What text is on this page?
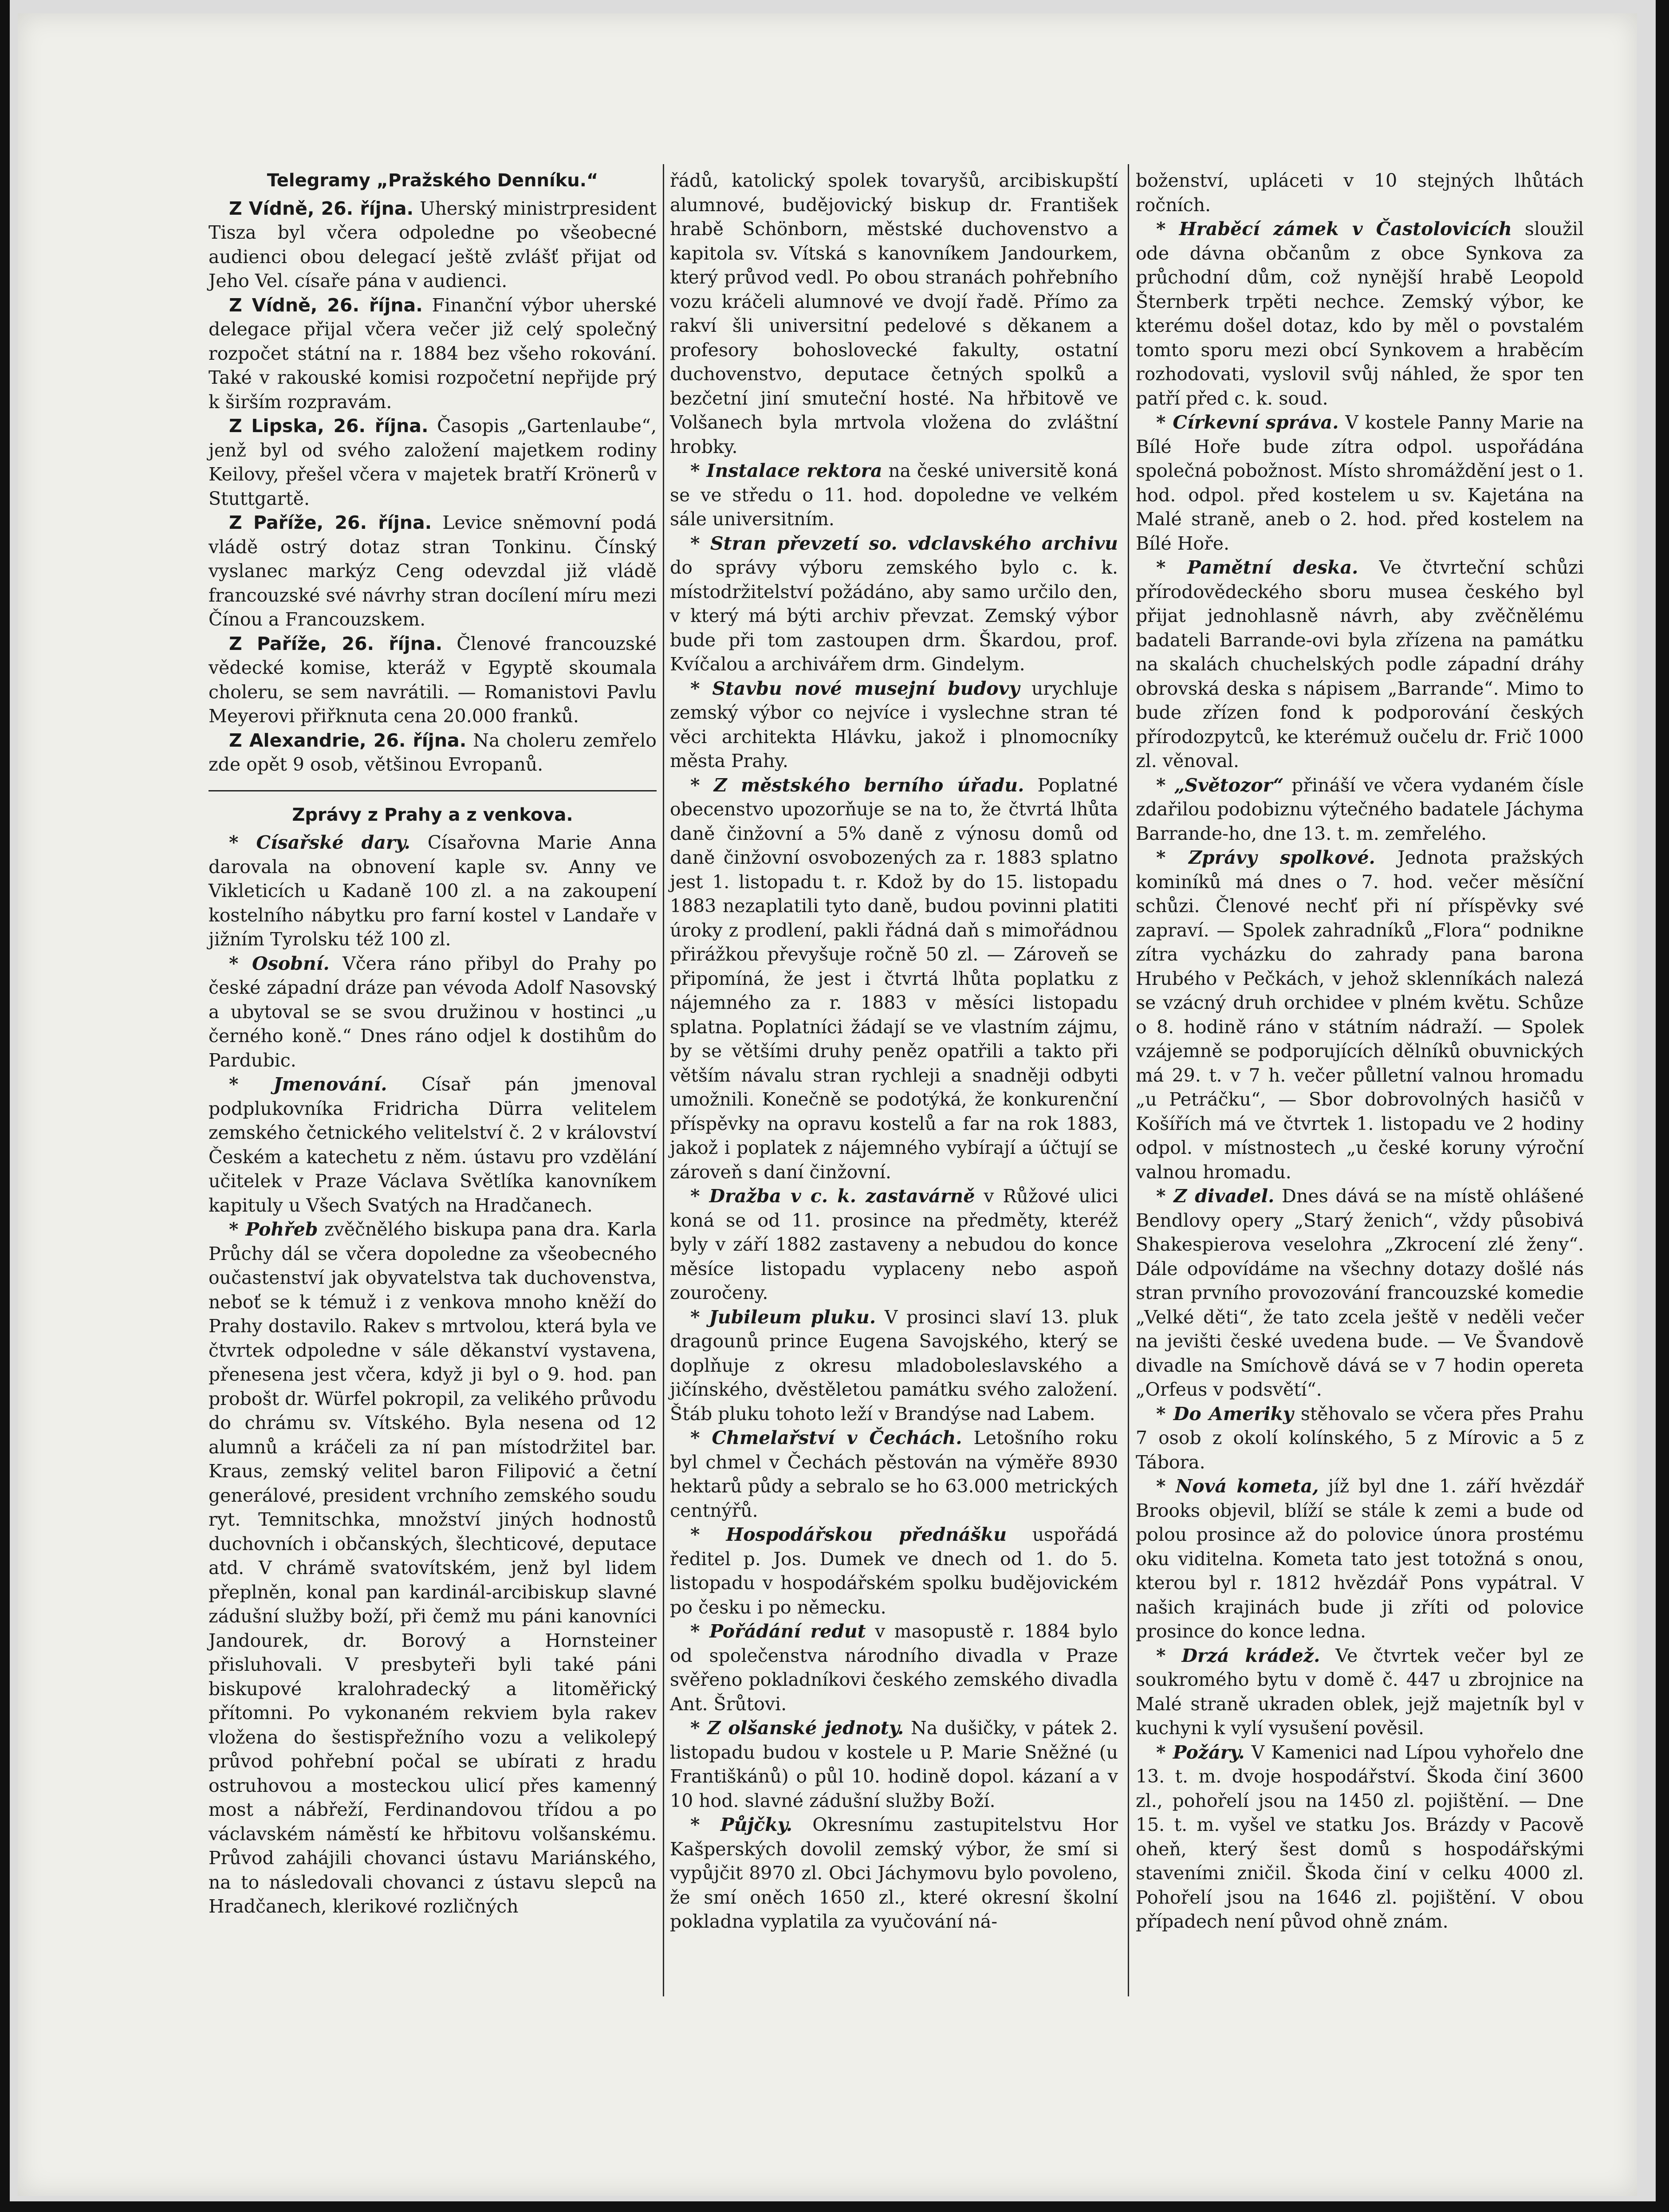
Telegramy „Pražského Denníku.“

Z Vídně, 26. října. Uherský ministrpresident Tisza byl včera odpoledne po všeobecné audienci obou delegací ještě zvlášť přijat od Jeho Vel. císaře pána v audienci.

Z Vídně, 26. října. Finanční výbor uherské delegace přijal včera večer již celý společný rozpočet státní na r. 1884 bez všeho rokování. Také v rakouské komisi rozpočetní nepřijde prý k širším rozpravám.

Z Lipska, 26. října. Časopis „Gartenlaube“, jenž byl od svého založení majetkem rodiny Keilovy, přešel včera v majetek bratří Krönerů v Stuttgartě.

Z Paříže, 26. října. Levice sněmovní podá vládě ostrý dotaz stran Tonkinu. Čínský vyslanec markýz Ceng odevzdal již vládě francouzské své návrhy stran docílení míru mezi Čínou a Francouzskem.

Z Paříže, 26. října. Členové francouzské vědecké komise, kteráž v Egyptě skoumala choleru, se sem navrátili. — Romanistovi Pavlu Meyerovi přiřknuta cena 20.000 franků.

Z Alexandrie, 26. října. Na choleru zemřelo zde opět 9 osob, většinou Evropanů.

Zprávy z Prahy a z venkova.

* Císařské dary. Císařovna Marie Anna darovala na obnovení kaple sv. Anny ve Vikleticích u Kadaně 100 zl. a na zakoupení kostelního nábytku pro farní kostel v Landaře v jižním Tyrolsku též 100 zl.

* Osobní. Včera ráno přibyl do Prahy po české západní dráze pan vévoda Adolf Nasovský a ubytoval se se svou družinou v hostinci „u černého koně.“ Dnes ráno odjel k dostihům do Pardubic.

* Jmenování. Císař pán jmenoval podplukovníka Fridricha Dürra velitelem zemského četnického velitelství č. 2 v království Českém a katechetu z něm. ústavu pro vzdělání učitelek v Praze Václava Světlíka kanovníkem kapituly u Všech Svatých na Hradčanech.

* Pohřeb zvěčnělého biskupa pana dra. Karla Průchy dál se včera dopoledne za všeobecného oučastenství jak obyvatelstva tak duchovenstva, neboť se k témuž i z venkova mnoho kněží do Prahy dostavilo. Rakev s mrtvolou, která byla ve čtvrtek odpoledne v sále děkanství vystavena, přenesena jest včera, když ji byl o 9. hod. pan probošt dr. Würfel pokropil, za velikého průvodu do chrámu sv. Vítského. Byla nesena od 12 alumnů a kráčeli za ní pan místodržitel bar. Kraus, zemský velitel baron Filipović a četní generálové, president vrchního zemského soudu ryt. Temnitschka, množství jiných hodnostů duchovních i občanských, šlechticové, deputace atd. V chrámě svatovítském, jenž byl lidem přeplněn, konal pan kardinál-arcibiskup slavné zádušní služby boží, při čemž mu páni kanovníci Jandourek, dr. Borový a Hornsteiner přisluhovali. V presbyteři byli také páni biskupové kralohradecký a litoměřický přítomni. Po vykonaném rekviem byla rakev vložena do šestispřežního vozu a velikolepý průvod pohřební počal se ubírati z hradu ostruhovou a mosteckou ulicí přes kamenný most a nábřeží, Ferdinandovou třídou a po václavském náměstí ke hřbitovu volšanskému. Průvod zahájili chovanci ústavu Mariánského, na to následovali chovanci z ústavu slepců na Hradčanech, klerikové rozličných

řádů, katolický spolek tovaryšů, arcibiskupští alumnové, budějovický biskup dr. František hrabě Schönborn, městské duchovenstvo a kapitola sv. Vítská s kanovníkem Jandourkem, který průvod vedl. Po obou stranách pohřebního vozu kráčeli alumnové ve dvojí řadě. Přímo za rakví šli universitní pedelové s děkanem a profesory bohoslovecké fakulty, ostatní duchovenstvo, deputace četných spolků a bezčetní jiní smuteční hosté. Na hřbitově ve Volšanech byla mrtvola vložena do zvláštní hrobky.

* Instalace rektora na české universitě koná se ve středu o 11. hod. dopoledne ve velkém sále universitním.

* Stran převzetí so. vdclavského archivu do správy výboru zemského bylo c. k. místodržitelství požádáno, aby samo určilo den, v který má býti archiv převzat. Zemský výbor bude při tom zastoupen drm. Škardou, prof. Kvíčalou a archivářem drm. Gindelym.

* Stavbu nové musejní budovy urychluje zemský výbor co nejvíce i vyslechne stran té věci architekta Hlávku, jakož i plnomocníky města Prahy.

* Z městského berního úřadu. Poplatné obecenstvo upozorňuje se na to, že čtvrtá lhůta daně činžovní a 5% daně z výnosu domů od daně činžovní osvobozených za r. 1883 splatno jest 1. listopadu t. r. Kdož by do 15. listopadu 1883 nezaplatili tyto daně, budou povinni platiti úroky z prodlení, pakli řádná daň s mimořádnou přirážkou převyšuje ročně 50 zl. — Zároveň se připomíná, že jest i čtvrtá lhůta poplatku z nájemného za r. 1883 v měsíci listopadu splatna. Poplatníci žádají se ve vlastním zájmu, by se většími druhy peněz opatřili a takto při větším návalu stran rychleji a snadněji odbyti umožnili. Konečně se podotýká, že konkurenční příspěvky na opravu kostelů a far na rok 1883, jakož i poplatek z nájemného vybírají a účtují se zároveň s daní činžovní.

* Dražba v c. k. zastavárně v Růžové ulici koná se od 11. prosince na předměty, kteréž byly v září 1882 zastaveny a nebudou do konce měsíce listopadu vyplaceny nebo aspoň zouročeny.

* Jubileum pluku. V prosinci slaví 13. pluk dragounů prince Eugena Savojského, který se doplňuje z okresu mladoboleslavského a jičínského, dvěstěletou památku svého založení. Štáb pluku tohoto leží v Brandýse nad Labem.

* Chmelařství v Čechách. Letošního roku byl chmel v Čechách pěstován na výměře 8930 hektarů půdy a sebralo se ho 63.000 metrických centnýřů.

* Hospodářskou přednášku uspořádá ředitel p. Jos. Dumek ve dnech od 1. do 5. listopadu v hospodářském spolku budějovickém po česku i po německu.

* Pořádání redut v masopustě r. 1884 bylo od společenstva národního divadla v Praze svěřeno pokladníkovi českého zemského divadla Ant. Šrůtovi.

* Z olšanské jednoty. Na dušičky, v pátek 2. listopadu budou v kostele u P. Marie Sněžné (u Františkánů) o půl 10. hodině dopol. kázaní a v 10 hod. slavné zádušní služby Boží.

* Půjčky. Okresnímu zastupitelstvu Hor Kašperských dovolil zemský výbor, že smí si vypůjčit 8970 zl. Obci Jáchymovu bylo povoleno, že smí oněch 1650 zl., které okresní školní pokladna vyplatila za vyučování ná-

boženství, upláceti v 10 stejných lhůtách ročních.

* Hraběcí zámek v Častolovicích sloužil ode dávna občanům z obce Synkova za průchodní dům, což nynější hrabě Leopold Šternberk trpěti nechce. Zemský výbor, ke kterému došel dotaz, kdo by měl o povstalém tomto sporu mezi obcí Synkovem a hraběcím rozhodovati, vyslovil svůj náhled, že spor ten patří před c. k. soud.

* Církevní správa. V kostele Panny Marie na Bílé Hoře bude zítra odpol. uspořádána společná pobožnost. Místo shromáždění jest o 1. hod. odpol. před kostelem u sv. Kajetána na Malé straně, aneb o 2. hod. před kostelem na Bílé Hoře.

* Pamětní deska. Ve čtvrteční schůzi přírodovědeckého sboru musea českého byl přijat jednohlasně návrh, aby zvěčnělému badateli Barrande-ovi byla zřízena na památku na skalách chuchelských podle západní dráhy obrovská deska s nápisem „Barrande“. Mimo to bude zřízen fond k podporování českých přírodozpytců, ke kterémuž oučelu dr. Frič 1000 zl. věnoval.

* „Světozor“ přináší ve včera vydaném čísle zdařilou podobiznu výtečného badatele Jáchyma Barrande-ho, dne 13. t. m. zemřelého.

* Zprávy spolkové. Jednota pražských kominíků má dnes o 7. hod. večer měsíční schůzi. Členové nechť při ní příspěvky své zapraví. — Spolek zahradníků „Flora“ podnikne zítra vycházku do zahrady pana barona Hrubého v Pečkách, v jehož sklenníkách nalezá se vzácný druh orchidee v plném květu. Schůze o 8. hodině ráno v státním nádraží. — Spolek vzájemně se podporujících dělníků obuvnických má 29. t. v 7 h. večer půlletní valnou hromadu „u Petráčku“, — Sbor dobrovolných hasičů v Košířích má ve čtvrtek 1. listopadu ve 2 hodiny odpol. v místnostech „u české koruny výroční valnou hromadu.

* Z divadel. Dnes dává se na místě ohlášené Bendlovy opery „Starý ženich“, vždy působivá Shakespierova veselohra „Zkrocení zlé ženy“. Dále odpovídáme na všechny dotazy došlé nás stran prvního provozování francouzské komedie „Velké děti“, že tato zcela ještě v neděli večer na jevišti české uvedena bude. — Ve Švandově divadle na Smíchově dává se v 7 hodin opereta „Orfeus v podsvětí“.

* Do Ameriky stěhovalo se včera přes Prahu 7 osob z okolí kolínského, 5 z Mírovic a 5 z Tábora.

* Nová kometa, jíž byl dne 1. září hvězdář Brooks objevil, blíží se stále k zemi a bude od polou prosince až do polovice února prostému oku viditelna. Kometa tato jest totožná s onou, kterou byl r. 1812 hvězdář Pons vypátral. V našich krajinách bude ji zříti od polovice prosince do konce ledna.

* Drzá krádež. Ve čtvrtek večer byl ze soukromého bytu v domě č. 447 u zbrojnice na Malé straně ukraden oblek, jejž majetník byl v kuchyni k vylí vysušení pověsil.

* Požáry. V Kamenici nad Lípou vyhořelo dne 13. t. m. dvoje hospodářství. Škoda činí 3600 zl., pohořelí jsou na 1450 zl. pojištění. — Dne 15. t. m. vyšel ve statku Jos. Brázdy v Pacově oheň, který šest domů s hospodářskými staveními zničil. Škoda činí v celku 4000 zl. Pohořelí jsou na 1646 zl. pojištění. V obou případech není původ ohně znám.
